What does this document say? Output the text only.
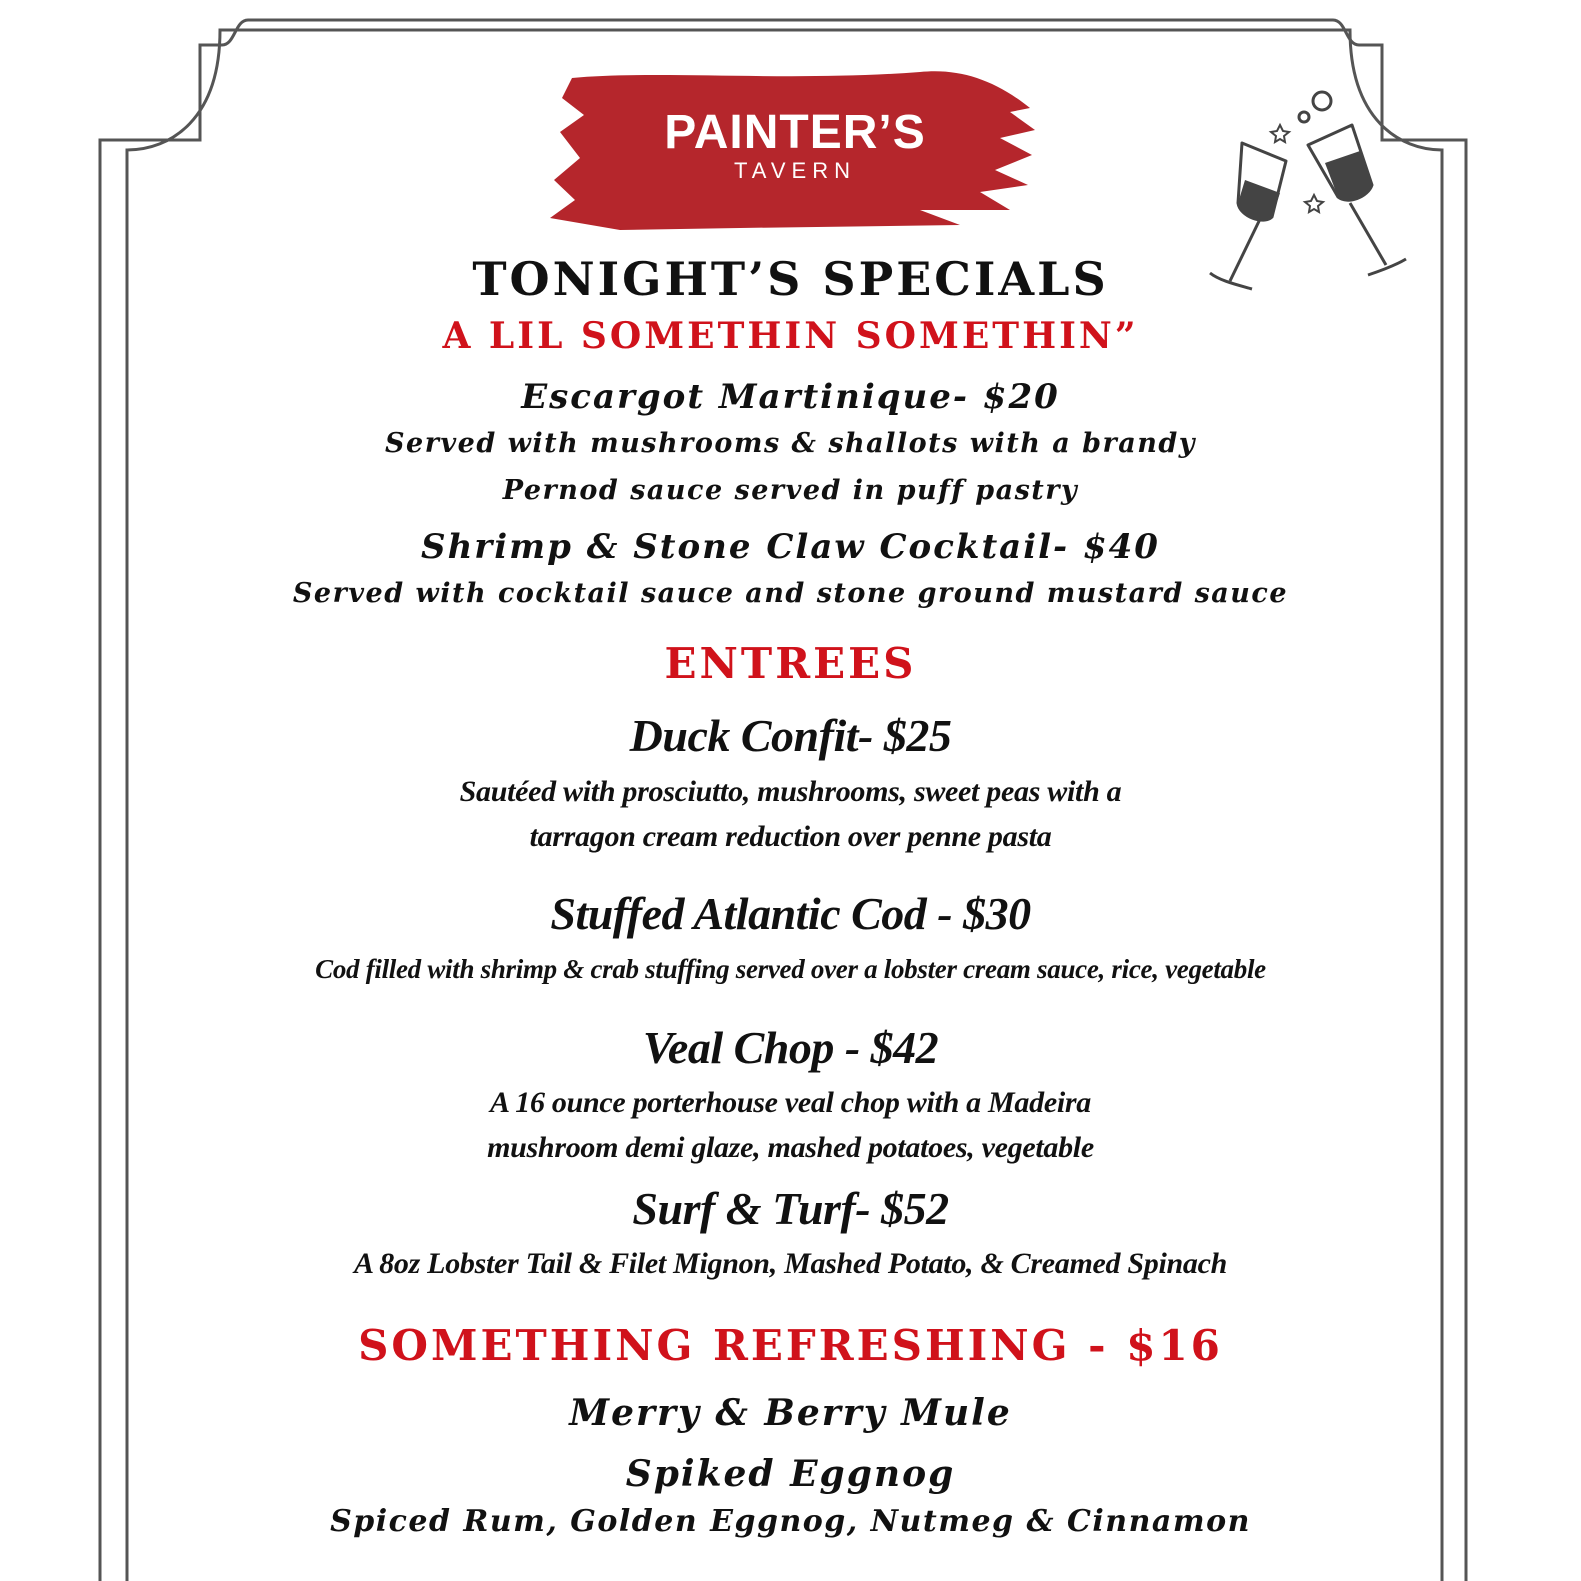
PAINTER’S
TAVERN
TONIGHT’S SPECIALS
A LIL SOMETHIN SOMETHIN”
Escargot Martinique- $20
Served with mushrooms & shallots with a brandy
Pernod sauce served in puff pastry
Shrimp & Stone Claw Cocktail- $40
Served with cocktail sauce and stone ground mustard sauce
ENTREES
Duck Confit- $25
Sautéed with prosciutto, mushrooms, sweet peas with a
tarragon cream reduction over penne pasta
Stuffed Atlantic Cod - $30
Cod filled with shrimp & crab stuffing served over a lobster cream sauce, rice, vegetable
Veal Chop - $42
A 16 ounce porterhouse veal chop with a Madeira
mushroom demi glaze, mashed potatoes, vegetable
Surf & Turf- $52
A 8oz Lobster Tail & Filet Mignon, Mashed Potato, & Creamed Spinach
SOMETHING REFRESHING - $16
Merry & Berry Mule
Spiked Eggnog
Spiced Rum, Golden Eggnog, Nutmeg & Cinnamon
